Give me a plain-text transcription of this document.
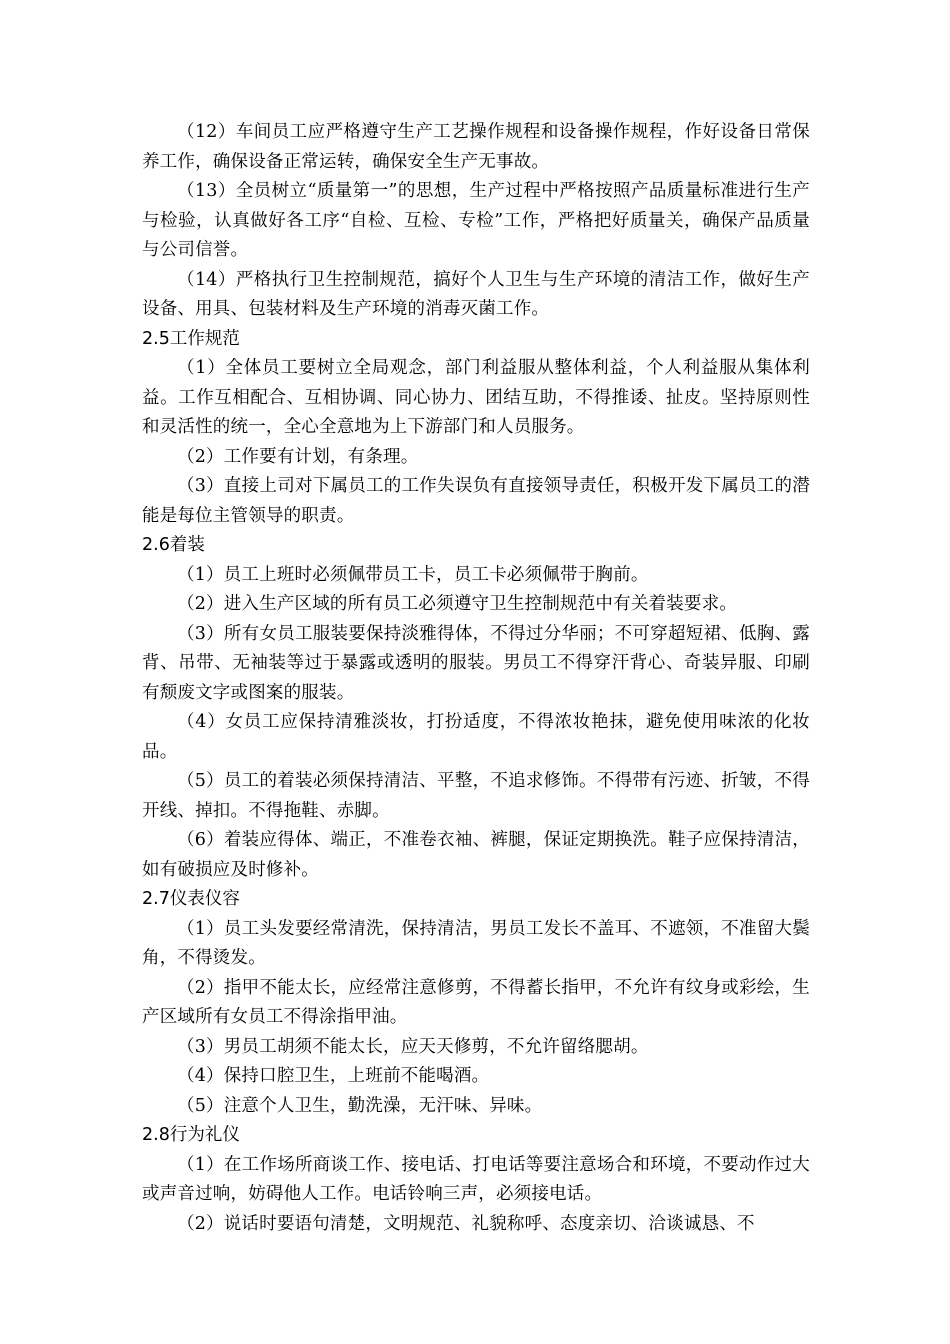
（12）车间员工应严格遵守生产工艺操作规程和设备操作规程，作好设备日常保养工作，确保设备正常运转，确保安全生产无事故。

（13）全员树立“质量第一”的思想，生产过程中严格按照产品质量标准进行生产与检验，认真做好各工序“自检、互检、专检”工作，严格把好质量关，确保产品质量与公司信誉。

（14）严格执行卫生控制规范，搞好个人卫生与生产环境的清洁工作，做好生产设备、用具、包装材料及生产环境的消毒灭菌工作。

2.5工作规范

（1）全体员工要树立全局观念，部门利益服从整体利益，个人利益服从集体利益。工作互相配合、互相协调、同心协力、团结互助，不得推诿、扯皮。坚持原则性和灵活性的统一，全心全意地为上下游部门和人员服务。

（2）工作要有计划，有条理。

（3）直接上司对下属员工的工作失误负有直接领导责任，积极开发下属员工的潜能是每位主管领导的职责。

2.6着装

（1）员工上班时必须佩带员工卡，员工卡必须佩带于胸前。

（2）进入生产区域的所有员工必须遵守卫生控制规范中有关着装要求。

（3）所有女员工服装要保持淡雅得体，不得过分华丽；不可穿超短裙、低胸、露背、吊带、无袖装等过于暴露或透明的服装。男员工不得穿汗背心、奇装异服、印刷有颓废文字或图案的服装。

（4）女员工应保持清雅淡妆，打扮适度，不得浓妆艳抹，避免使用味浓的化妆品。

（5）员工的着装必须保持清洁、平整，不追求修饰。不得带有污迹、折皱，不得开线、掉扣。不得拖鞋、赤脚。

（6）着装应得体、端正，不准卷衣袖、裤腿，保证定期换洗。鞋子应保持清洁，如有破损应及时修补。

2.7仪表仪容

（1）员工头发要经常清洗，保持清洁，男员工发长不盖耳、不遮领，不准留大鬓角，不得烫发。

（2）指甲不能太长，应经常注意修剪，不得蓄长指甲，不允许有纹身或彩绘，生产区域所有女员工不得涂指甲油。

（3）男员工胡须不能太长，应天天修剪，不允许留络腮胡。

（4）保持口腔卫生，上班前不能喝酒。

（5）注意个人卫生，勤洗澡，无汗味、异味。

2.8行为礼仪

（1）在工作场所商谈工作、接电话、打电话等要注意场合和环境，不要动作过大或声音过响，妨碍他人工作。电话铃响三声，必须接电话。

（2）说话时要语句清楚，文明规范、礼貌称呼、态度亲切、洽谈诚恳、不
